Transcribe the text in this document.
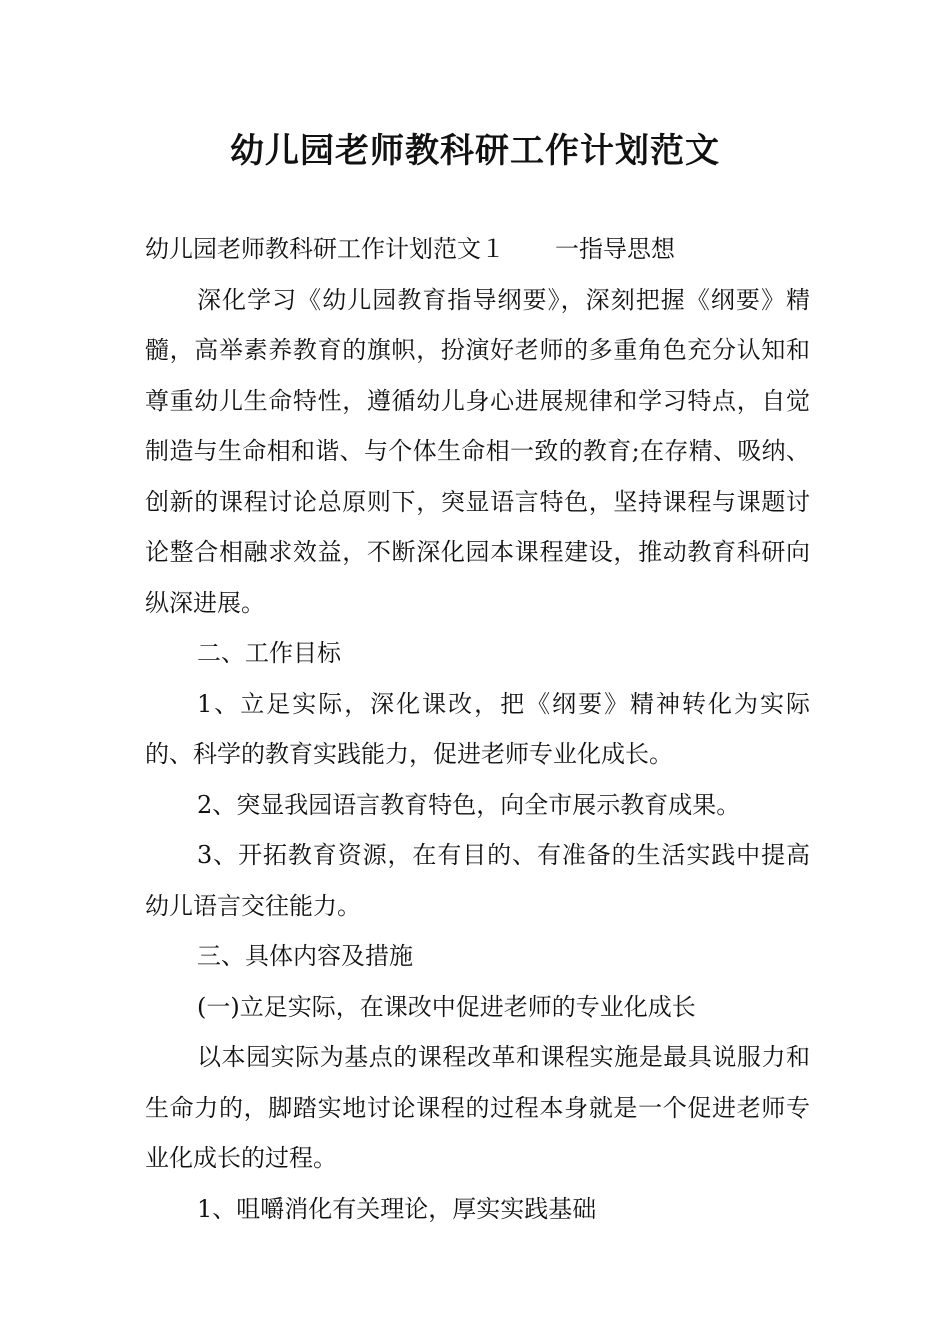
幼儿园老师教科研工作计划范文

幼儿园老师教科研工作计划范文１ 一指导思想

深化学习《幼儿园教育指导纲要》，深刻把握《纲要》精髓，高举素养教育的旗帜，扮演好老师的多重角色充分认知和尊重幼儿生命特性，遵循幼儿身心进展规律和学习特点，自觉制造与生命相和谐、与个体生命相一致的教育;在存精、吸纳、创新的课程讨论总原则下，突显语言特色，坚持课程与课题讨论整合相融求效益，不断深化园本课程建设，推动教育科研向纵深进展。

二、工作目标

1、立足实际，深化课改，把《纲要》精神转化为实际的、科学的教育实践能力，促进老师专业化成长。

2、突显我园语言教育特色，向全市展示教育成果。

3、开拓教育资源，在有目的、有准备的生活实践中提高幼儿语言交往能力。

三、具体内容及措施

(一)立足实际，在课改中促进老师的专业化成长

以本园实际为基点的课程改革和课程实施是最具说服力和生命力的，脚踏实地讨论课程的过程本身就是一个促进老师专业化成长的过程。

1、咀嚼消化有关理论，厚实实践基础
